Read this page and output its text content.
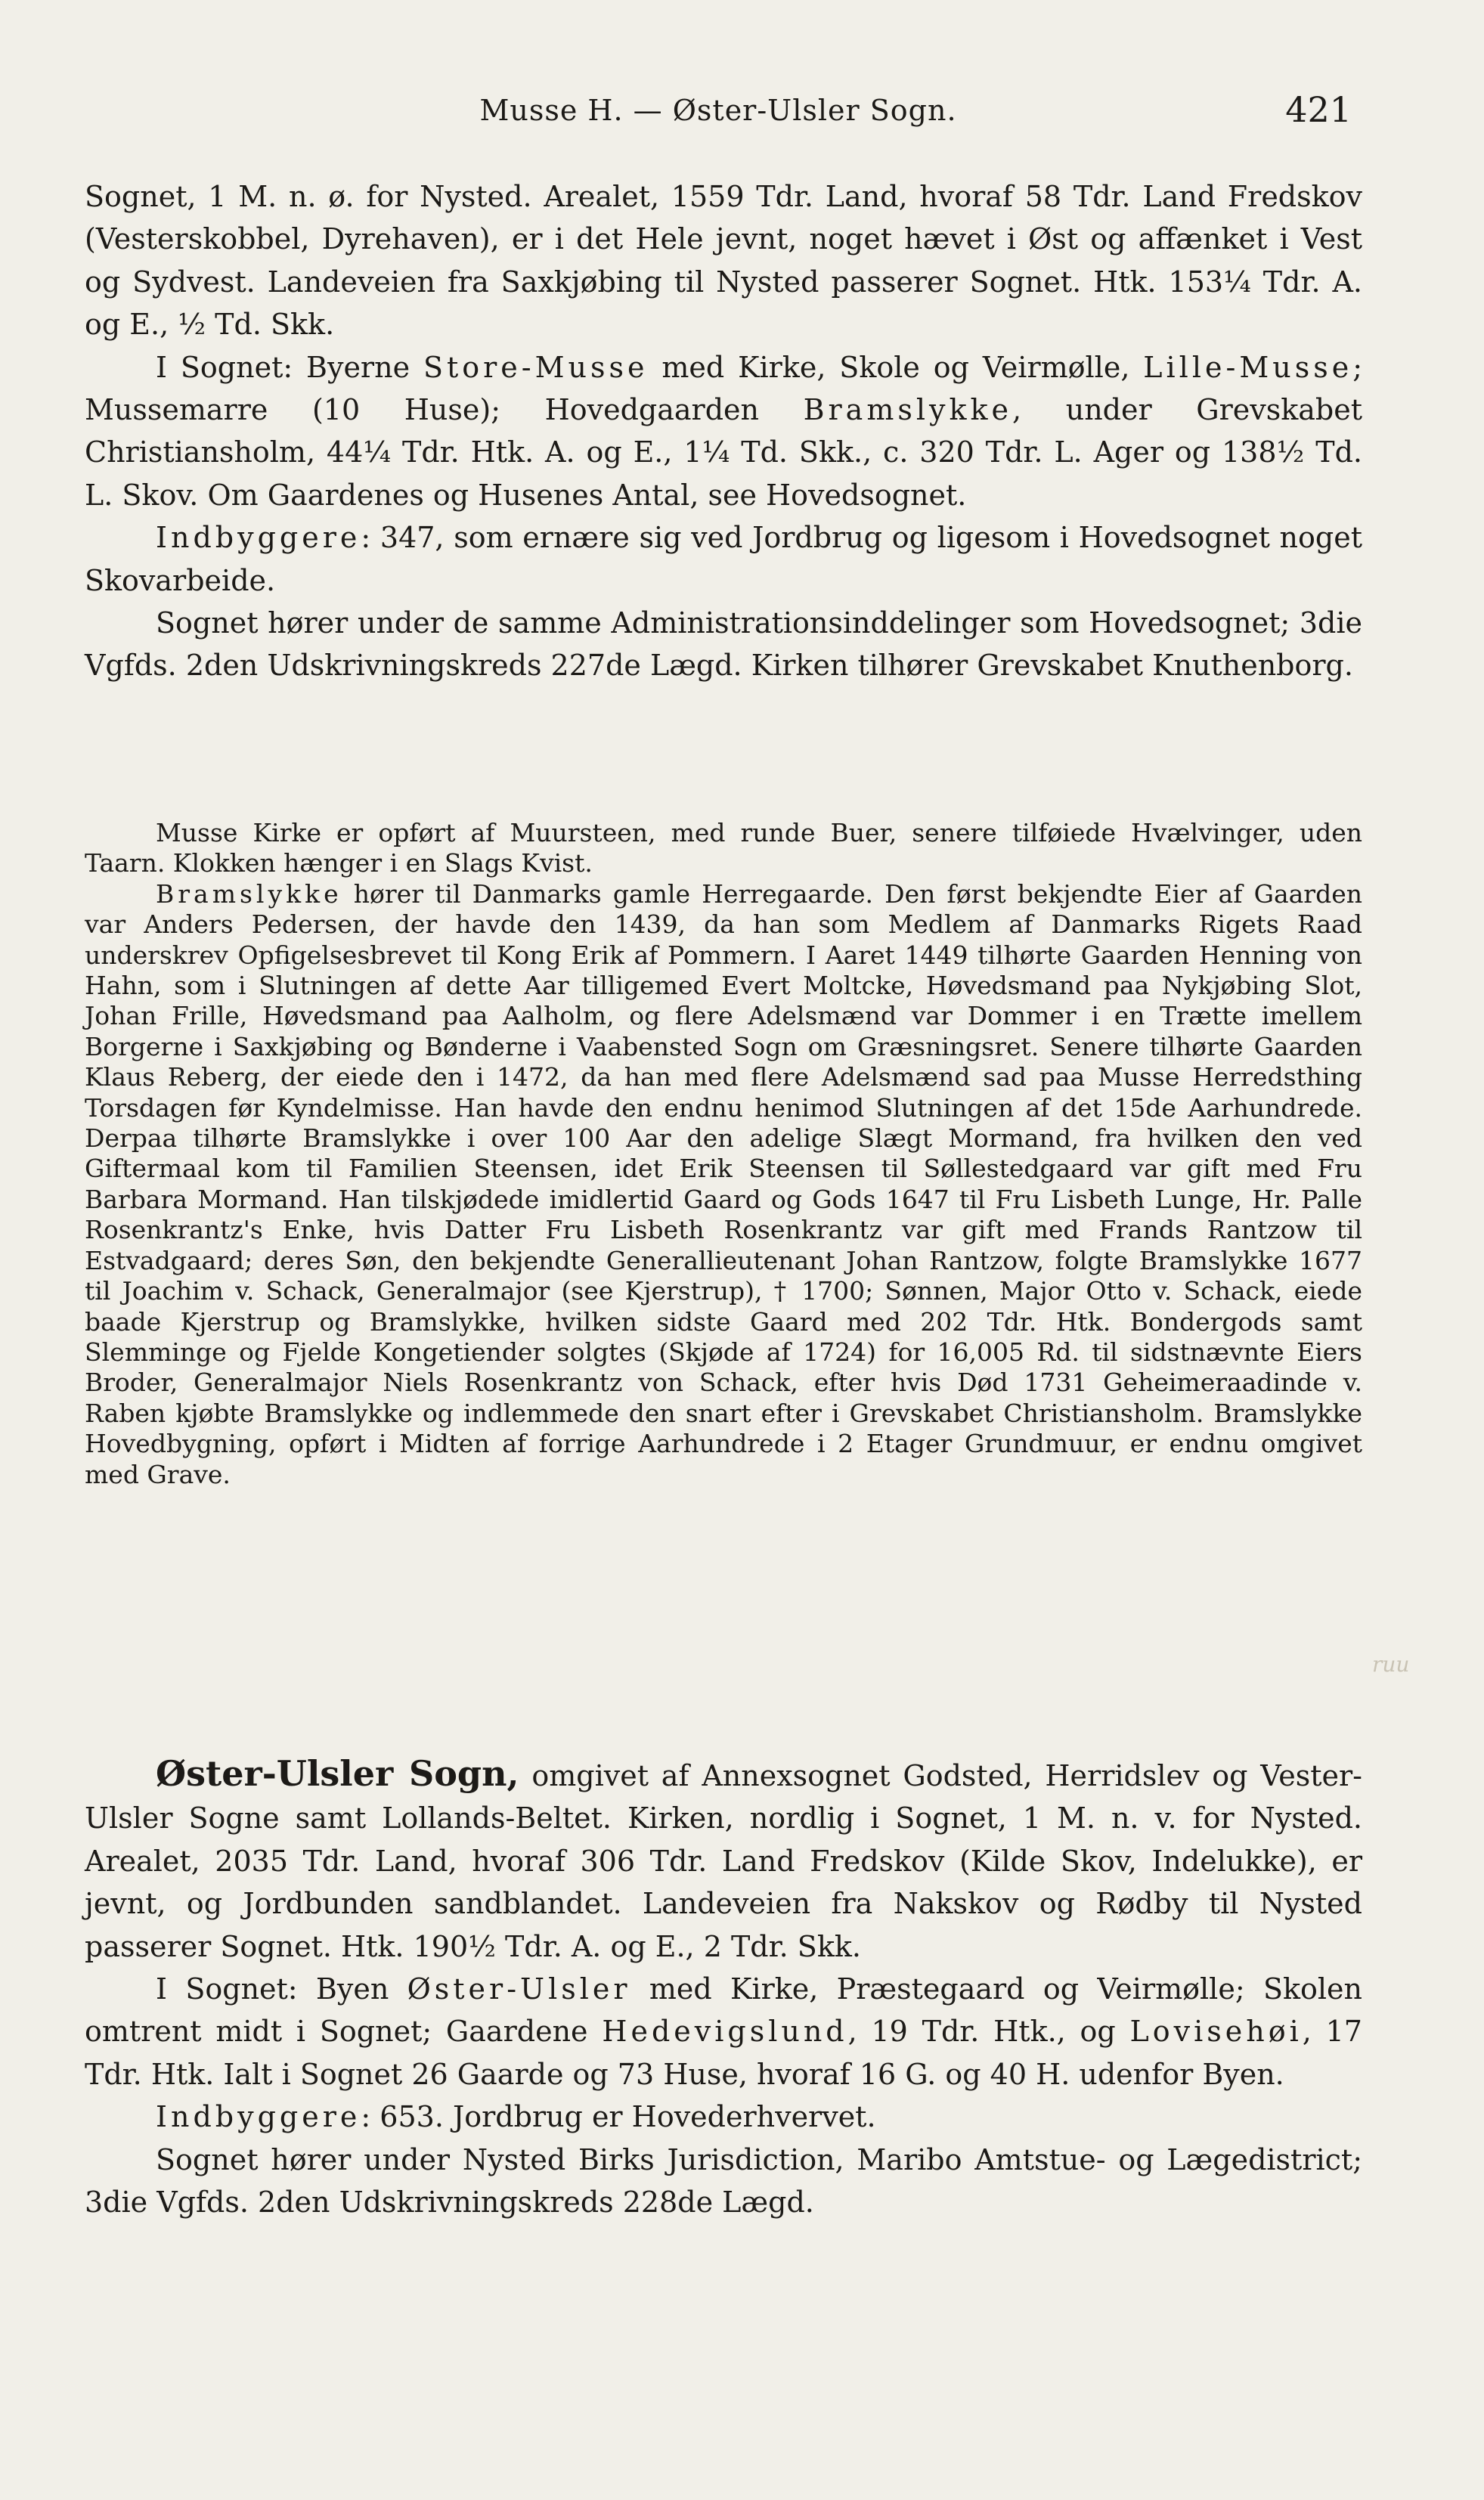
Musse H. — Øster-Ulsler Sogn.	421

Sognet, 1 M. n. ø. for Nysted. Arealet, 1559 Tdr. Land, hvoraf 58 Tdr. Land Fredskov (Vesterskobbel, Dyrehaven), er i det Hele jevnt, noget hævet i Øst og affænket i Vest og Sydvest. Landeveien fra Saxkjøbing til Nysted passerer Sognet. Htk. 153¼ Tdr. A. og E., ½ Td. Skk.

I Sognet: Byerne Store-Musse med Kirke, Skole og Veirmølle, Lille-Musse; Mussemarre (10 Huse); Hovedgaarden Bramslykke, under Grevskabet Christiansholm, 44¼ Tdr. Htk. A. og E., 1¼ Td. Skk., c. 320 Tdr. L. Ager og 138½ Td. L. Skov. Om Gaardenes og Husenes Antal, see Hovedsognet.

Indbyggere: 347, som ernære sig ved Jordbrug og ligesom i Hovedsognet noget Skovarbeide.

Sognet hører under de samme Administrationsinddelinger som Hovedsognet; 3die Vgfds. 2den Udskrivningskreds 227de Lægd. Kirken tilhører Grevskabet Knuthenborg.

Musse Kirke er opført af Muursteen, med runde Buer, senere tilføiede Hvælvinger, uden Taarn. Klokken hænger i en Slags Kvist.

Bramslykke hører til Danmarks gamle Herregaarde. Den først bekjendte Eier af Gaarden var Anders Pedersen, der havde den 1439, da han som Medlem af Danmarks Rigets Raad underskrev Opfigelsesbrevet til Kong Erik af Pommern. I Aaret 1449 tilhørte Gaarden Henning von Hahn, som i Slutningen af dette Aar tilligemed Evert Moltcke, Høvedsmand paa Nykjøbing Slot, Johan Frille, Høvedsmand paa Aalholm, og flere Adelsmænd var Dommer i en Trætte imellem Borgerne i Saxkjøbing og Bønderne i Vaabensted Sogn om Græsningsret. Senere tilhørte Gaarden Klaus Reberg, der eiede den i 1472, da han med flere Adelsmænd sad paa Musse Herredsthing Torsdagen før Kyndelmisse. Han havde den endnu henimod Slutningen af det 15de Aarhundrede. Derpaa tilhørte Bramslykke i over 100 Aar den adelige Slægt Mormand, fra hvilken den ved Giftermaal kom til Familien Steensen, idet Erik Steensen til Søllestedgaard var gift med Fru Barbara Mormand. Han tilskjødede imidlertid Gaard og Gods 1647 til Fru Lisbeth Lunge, Hr. Palle Rosenkrantz's Enke, hvis Datter Fru Lisbeth Rosenkrantz var gift med Frands Rantzow til Estvadgaard; deres Søn, den bekjendte Generallieutenant Johan Rantzow, folgte Bramslykke 1677 til Joachim v. Schack, Generalmajor (see Kjerstrup), † 1700; Sønnen, Major Otto v. Schack, eiede baade Kjerstrup og Bramslykke, hvilken sidste Gaard med 202 Tdr. Htk. Bondergods samt Slemminge og Fjelde Kongetiender solgtes (Skjøde af 1724) for 16,005 Rd. til sidstnævnte Eiers Broder, Generalmajor Niels Rosenkrantz von Schack, efter hvis Død 1731 Geheimeraadinde v. Raben kjøbte Bramslykke og indlemmede den snart efter i Grevskabet Christiansholm. Bramslykke Hovedbygning, opført i Midten af forrige Aarhundrede i 2 Etager Grundmuur, er endnu omgivet med Grave.

Øster-Ulsler Sogn, omgivet af Annexsognet Godsted, Herridslev og Vester-Ulsler Sogne samt Lollands-Beltet. Kirken, nordlig i Sognet, 1 M. n. v. for Nysted. Arealet, 2035 Tdr. Land, hvoraf 306 Tdr. Land Fredskov (Kilde Skov, Indelukke), er jevnt, og Jordbunden sandblandet. Landeveien fra Nakskov og Rødby til Nysted passerer Sognet. Htk. 190½ Tdr. A. og E., 2 Tdr. Skk.

I Sognet: Byen Øster-Ulsler med Kirke, Præstegaard og Veirmølle; Skolen omtrent midt i Sognet; Gaardene Hedevigslund, 19 Tdr. Htk., og Lovisehøi, 17 Tdr. Htk. Ialt i Sognet 26 Gaarde og 73 Huse, hvoraf 16 G. og 40 H. udenfor Byen.

Indbyggere: 653. Jordbrug er Hovederhvervet.

Sognet hører under Nysted Birks Jurisdiction, Maribo Amtstue- og Lægedistrict; 3die Vgfds. 2den Udskrivningskreds 228de Lægd.

ruu
